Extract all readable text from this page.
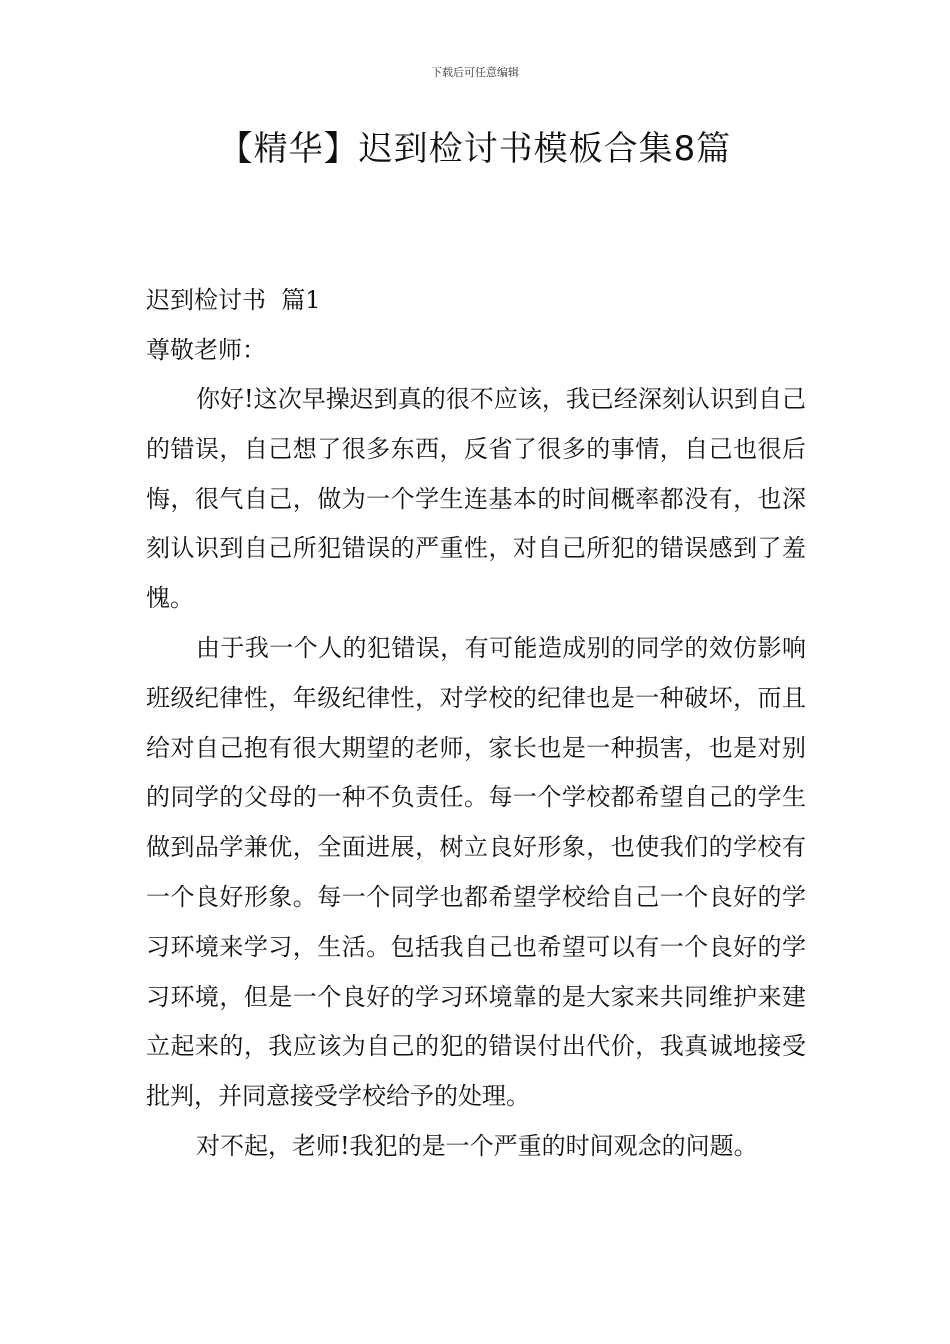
下载后可任意编辑
【精华】迟到检讨书模板合集8篇
迟到检讨书  篇1
尊敬老师：

你好!这次早操迟到真的很不应该，我已经深刻认识到自己的错误，自己想了很多东西，反省了很多的事情，自己也很后悔，很气自己，做为一个学生连基本的时间概率都没有，也深刻认识到自己所犯错误的严重性，对自己所犯的错误感到了羞愧。

由于我一个人的犯错误，有可能造成别的同学的效仿影响班级纪律性，年级纪律性，对学校的纪律也是一种破坏，而且给对自己抱有很大期望的老师，家长也是一种损害，也是对别的同学的父母的一种不负责任。每一个学校都希望自己的学生做到品学兼优，全面进展，树立良好形象，也使我们的学校有一个良好形象。每一个同学也都希望学校给自己一个良好的学习环境来学习，生活。包括我自己也希望可以有一个良好的学习环境，但是一个良好的学习环境靠的是大家来共同维护来建立起来的，我应该为自己的犯的错误付出代价，我真诚地接受批判，并同意接受学校给予的处理。

对不起，老师!我犯的是一个严重的时间观念的问题。
